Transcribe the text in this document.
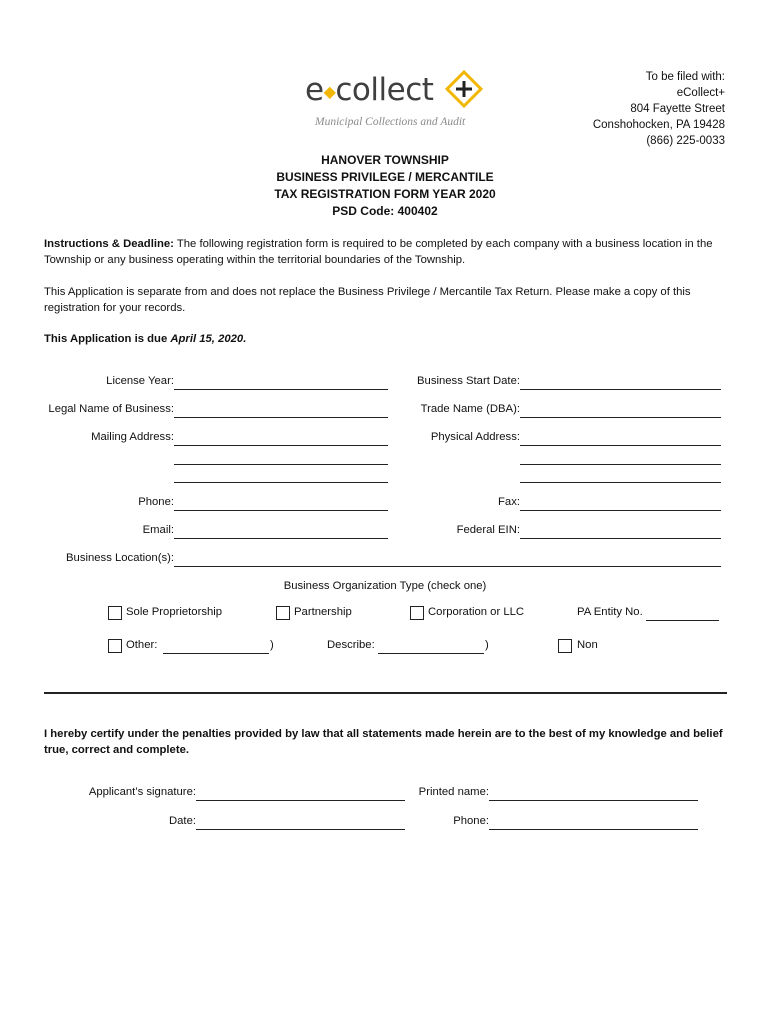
e◆collect
Municipal Collections and Audit
To be filed with:
eCollect+
804 Fayette Street
Conshohocken, PA 19428
(866) 225-0033
HANOVER TOWNSHIP
BUSINESS PRIVILEGE / MERCANTILE
TAX REGISTRATION FORM YEAR 2020
PSD Code: 400402
Instructions & Deadline: The following registration form is required to be completed by each company with a business location in the Township or any business operating within the territorial boundaries of the Township.
This Application is separate from and does not replace the Business Privilege / Mercantile Tax Return. Please make a copy of this registration for your records.
This Application is due April 15, 2020.
License Year:	Business Start Date:
Legal Name of Business:	Trade Name (DBA):
Mailing Address:	Physical Address:
Phone:	Fax:
Email:	Federal EIN:
Business Location(s):
Business Organization Type (check one)
Sole Proprietorship	Partnership	Corporation or LLC	PA Entity No.
Other:	)	Describe:	)	Non
I hereby certify under the penalties provided by law that all statements made herein are to the best of my knowledge and belief true, correct and complete.
Applicant’s signature:	Printed name:
Date:	Phone:
